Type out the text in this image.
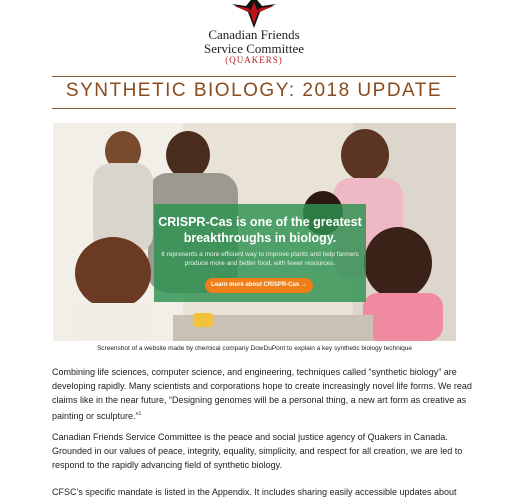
Canadian Friends
Service Committee
(QUAKERS)
SYNTHETIC BIOLOGY: 2018 UPDATE
CRISPR-Cas is one of the greatest breakthroughs in biology.
It represents a more efficient way to improve plants and help farmers produce more and better food, with fewer resources.
Learn more about CRISPR-Cas →
Screenshot of a website made by chemical company DowDuPont to explain a key synthetic biology technique
Combining life sciences, computer science, and engineering, techniques called “synthetic biology” are developing rapidly. Many scientists and corporations hope to create increasingly novel life forms. We read claims like in the near future, “Designing genomes will be a personal thing, a new art form as creative as painting or sculpture.”$^1$
Canadian Friends Service Committee is the peace and social justice agency of Quakers in Canada. Grounded in our values of peace, integrity, equality, simplicity, and respect for all creation, we are led to respond to the rapidly advancing field of synthetic biology.
CFSC’s specific mandate is listed in the Appendix. It includes sharing easily accessible updates about
